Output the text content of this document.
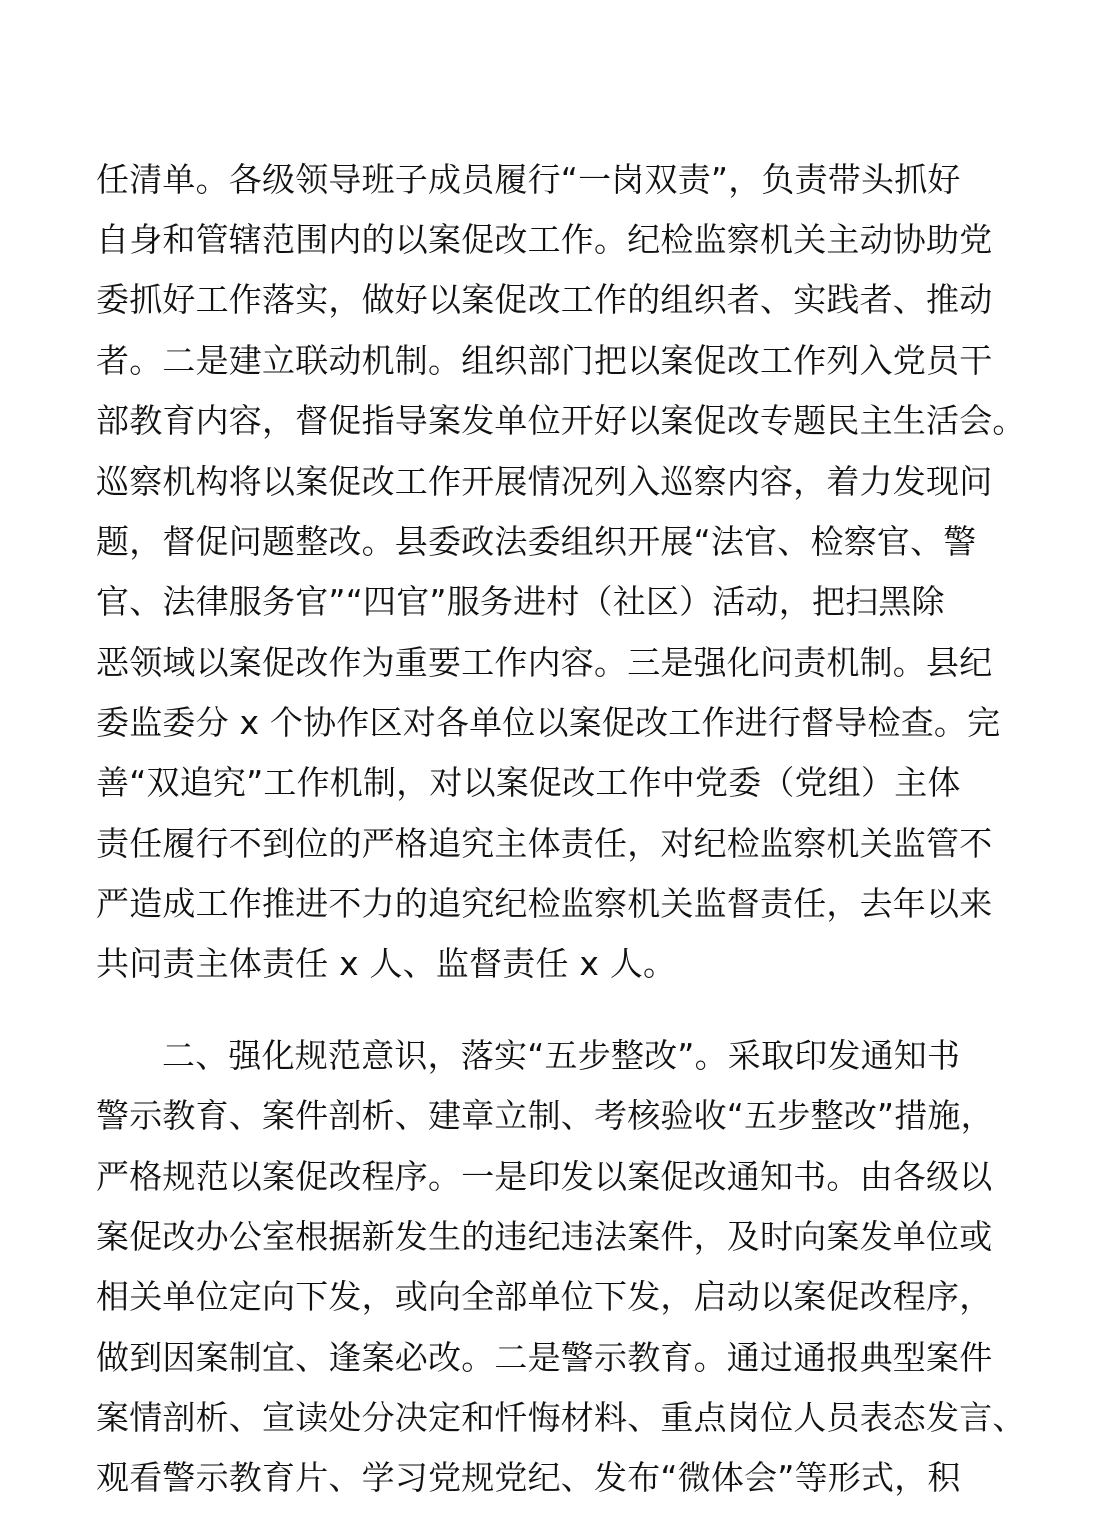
任清单。各级领导班子成员履行“一岗双责”，负责带头抓好
自身和管辖范围内的以案促改工作。纪检监察机关主动协助党
委抓好工作落实，做好以案促改工作的组织者、实践者、推动
者。二是建立联动机制。组织部门把以案促改工作列入党员干
部教育内容，督促指导案发单位开好以案促改专题民主生活会。
巡察机构将以案促改工作开展情况列入巡察内容，着力发现问
题，督促问题整改。县委政法委组织开展“法官、检察官、警
官、法律服务官”“四官”服务进村（社区）活动，把扫黑除
恶领域以案促改作为重要工作内容。三是强化问责机制。县纪
委监委分 x 个协作区对各单位以案促改工作进行督导检查。完
善“双追究”工作机制，对以案促改工作中党委（党组）主体
责任履行不到位的严格追究主体责任，对纪检监察机关监管不
严造成工作推进不力的追究纪检监察机关监督责任，去年以来
共问责主体责任 x 人、监督责任 x 人。
二、强化规范意识，落实“五步整改”。采取印发通知书
警示教育、案件剖析、建章立制、考核验收“五步整改”措施，
严格规范以案促改程序。一是印发以案促改通知书。由各级以
案促改办公室根据新发生的违纪违法案件，及时向案发单位或
相关单位定向下发，或向全部单位下发，启动以案促改程序，
做到因案制宜、逢案必改。二是警示教育。通过通报典型案件
案情剖析、宣读处分决定和忏悔材料、重点岗位人员表态发言、
观看警示教育片、学习党规党纪、发布“微体会”等形式，积
